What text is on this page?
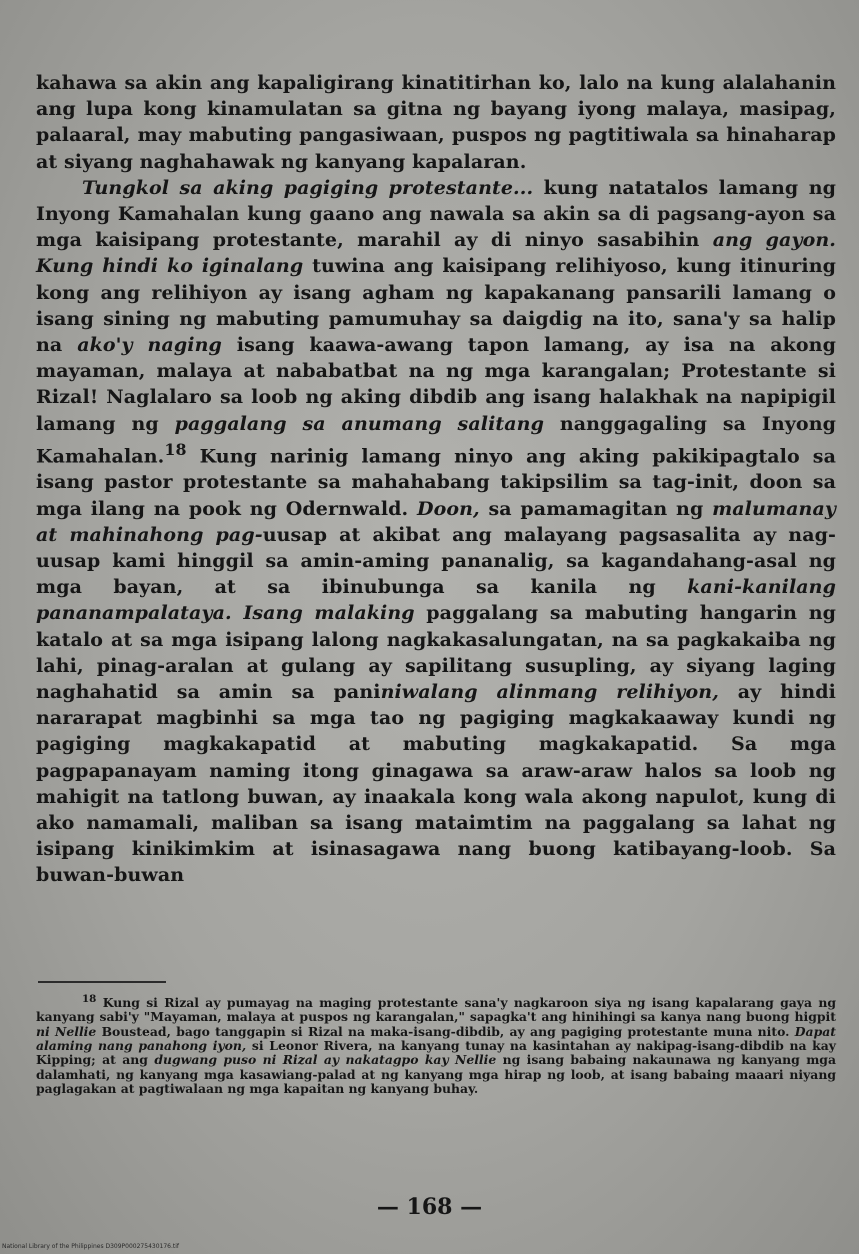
kahawa sa akin ang kapaligirang kinatitirhan ko, lalo na kung alalahanin ang lupa kong kinamulatan sa gitna ng bayang iyong malaya, masipag, palaaral, may mabuting pangasiwaan, puspos ng pagtitiwala sa hinaharap at siyang naghahawak ng kanyang kapalaran.

Tungkol sa aking pagiging protestante... kung natatalos lamang ng Inyong Kamahalan kung gaano ang nawala sa akin sa di pagsang-ayon sa mga kaisipang protestante, marahil ay di ninyo sasabihin ang gayon. Kung hindi ko iginalang tuwina ang kaisipang relihiyoso, kung itinuring kong ang relihiyon ay isang agham ng kapakanang pansarili lamang o isang sining ng mabuting pamumuhay sa daigdig na ito, sana'y sa halip na ako'y naging isang kaawa-awang tapon lamang, ay isa na akong mayaman, malaya at nababatbat na ng mga karangalan; Protestante si Rizal! Naglalaro sa loob ng aking dibdib ang isang halakhak na napipigil lamang ng paggalang sa anumang salitang nanggagaling sa Inyong Kamahalan.$^{18}$ Kung narinig lamang ninyo ang aking pakikipagtalo sa isang pastor protestante sa mahahabang takipsilim sa tag-init, doon sa mga ilang na pook ng Odernwald. Doon, sa pamamagitan ng malumanay at mahinahong pag-uusap at akibat ang malayang pagsasalita ay nag-uusap kami hinggil sa amin-aming pananalig, sa kagandahang-asal ng mga bayan, at sa ibinubunga sa kanila ng kani-kanilang pananampalataya. Isang malaking paggalang sa mabuting hangarin ng katalo at sa mga isipang lalong nagkakasalungatan, na sa pagkakaiba ng lahi, pinag-aralan at gulang ay sapilitang susupling, ay siyang laging naghahatid sa amin sa paniniwalang alinmang relihiyon, ay hindi nararapat magbinhi sa mga tao ng pagiging magkakaaway kundi ng pagiging magkakapatid at mabuting magkakapatid. Sa mga pagpapanayam naming itong ginagawa sa araw-araw halos sa loob ng mahigit na tatlong buwan, ay inaakala kong wala akong napulot, kung di ako namamali, maliban sa isang mataimtim na paggalang sa lahat ng isipang kinikimkim at isinasagawa nang buong katibayang-loob. Sa buwan-buwan

$^{18}$ Kung si Rizal ay pumayag na maging protestante sana'y nagkaroon siya ng isang kapalarang gaya ng kanyang sabi'y "Mayaman, malaya at puspos ng karangalan," sapagka't ang hinihingi sa kanya nang buong higpit ni Nellie Boustead, bago tanggapin si Rizal na maka-isang-dibdib, ay ang pagiging protestante muna nito. Dapat alaming nang panahong iyon, si Leonor Rivera, na kanyang tunay na kasintahan ay nakipag-isang-dibdib na kay Kipping; at ang dugwang puso ni Rizal ay nakatagpo kay Nellie ng isang babaing nakaunawa ng kanyang mga dalamhati, ng kanyang mga kasawiang-palad at ng kanyang mga hirap ng loob, at isang babaing maaari niyang paglagakan at pagtiwalaan ng mga kapaitan ng kanyang buhay.

— 168 —
National Library of the Philippines D309P000275430176.tif
